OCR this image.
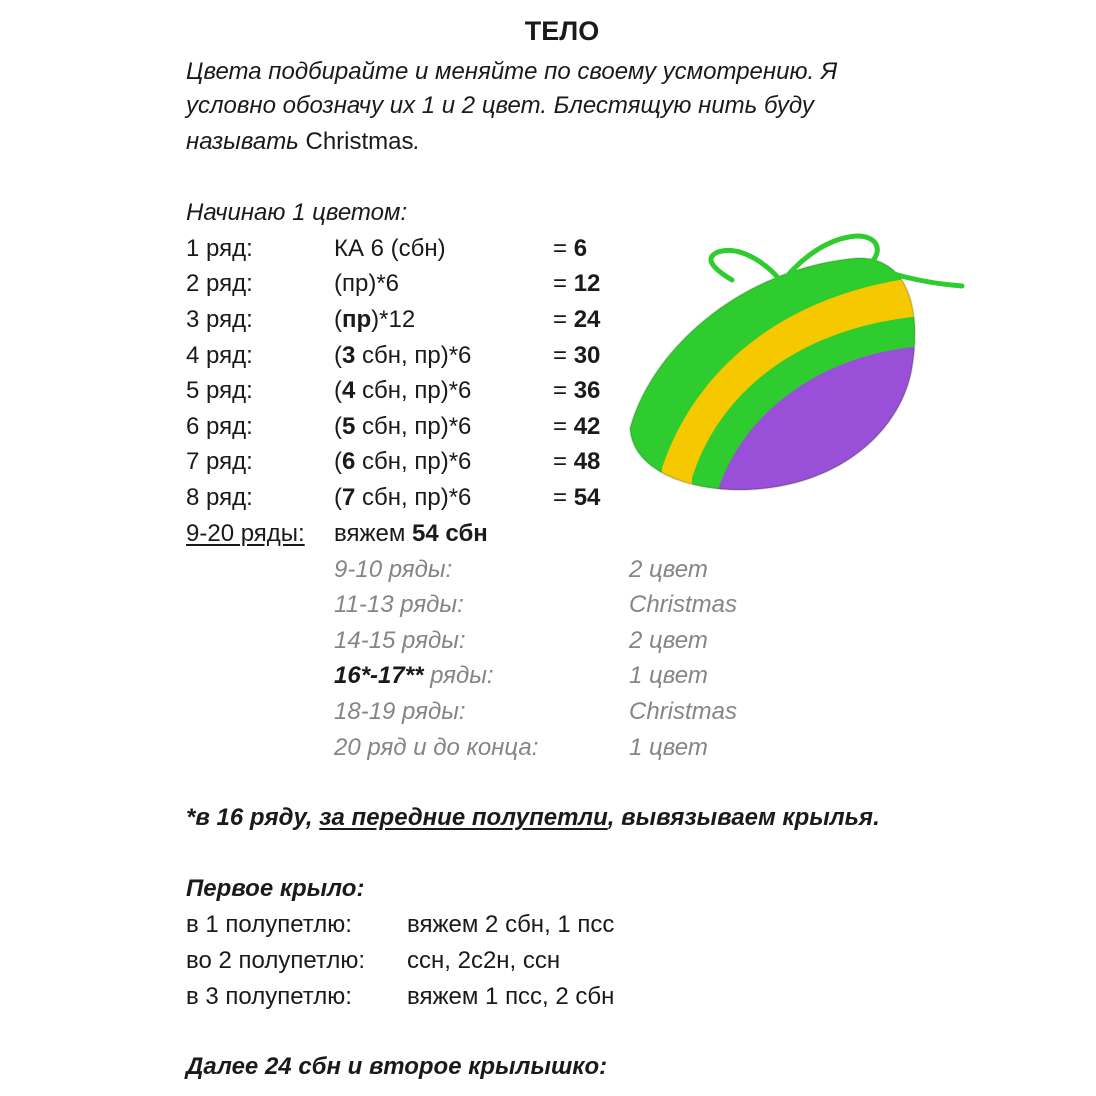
ТЕЛО
Цвета подбирайте и меняйте по своему усмотрению. Я
условно обозначу их 1 и 2 цвет. Блестящую нить буду
называть Christmas.
Начинаю 1 цветом:
1 ряд:	КА 6 (сбн)	= 6
2 ряд:	(пр)*6	= 12
3 ряд:	(пр)*12	= 24
4 ряд:	(3 сбн, пр)*6	= 30
5 ряд:	(4 сбн, пр)*6	= 36
6 ряд:	(5 сбн, пр)*6	= 42
7 ряд:	(6 сбн, пр)*6	= 48
8 ряд:	(7 сбн, пр)*6	= 54
9-20 ряды: вяжем 54 сбн
9-10 ряды:	2 цвет
11-13 ряды:	Christmas
14-15 ряды:	2 цвет
16*-17** ряды:	1 цвет
18-19 ряды:	Christmas
20 ряд и до конца:	1 цвет
*в 16 ряду, за передние полупетли, вывязываем крылья.
Первое крыло:
в 1 полупетлю: вяжем 2 сбн, 1 псс
во 2 полупетлю: ссн, 2с2н, ссн
в 3 полупетлю: вяжем 1 псс, 2 сбн
Далее 24 сбн и второе крылышко:
